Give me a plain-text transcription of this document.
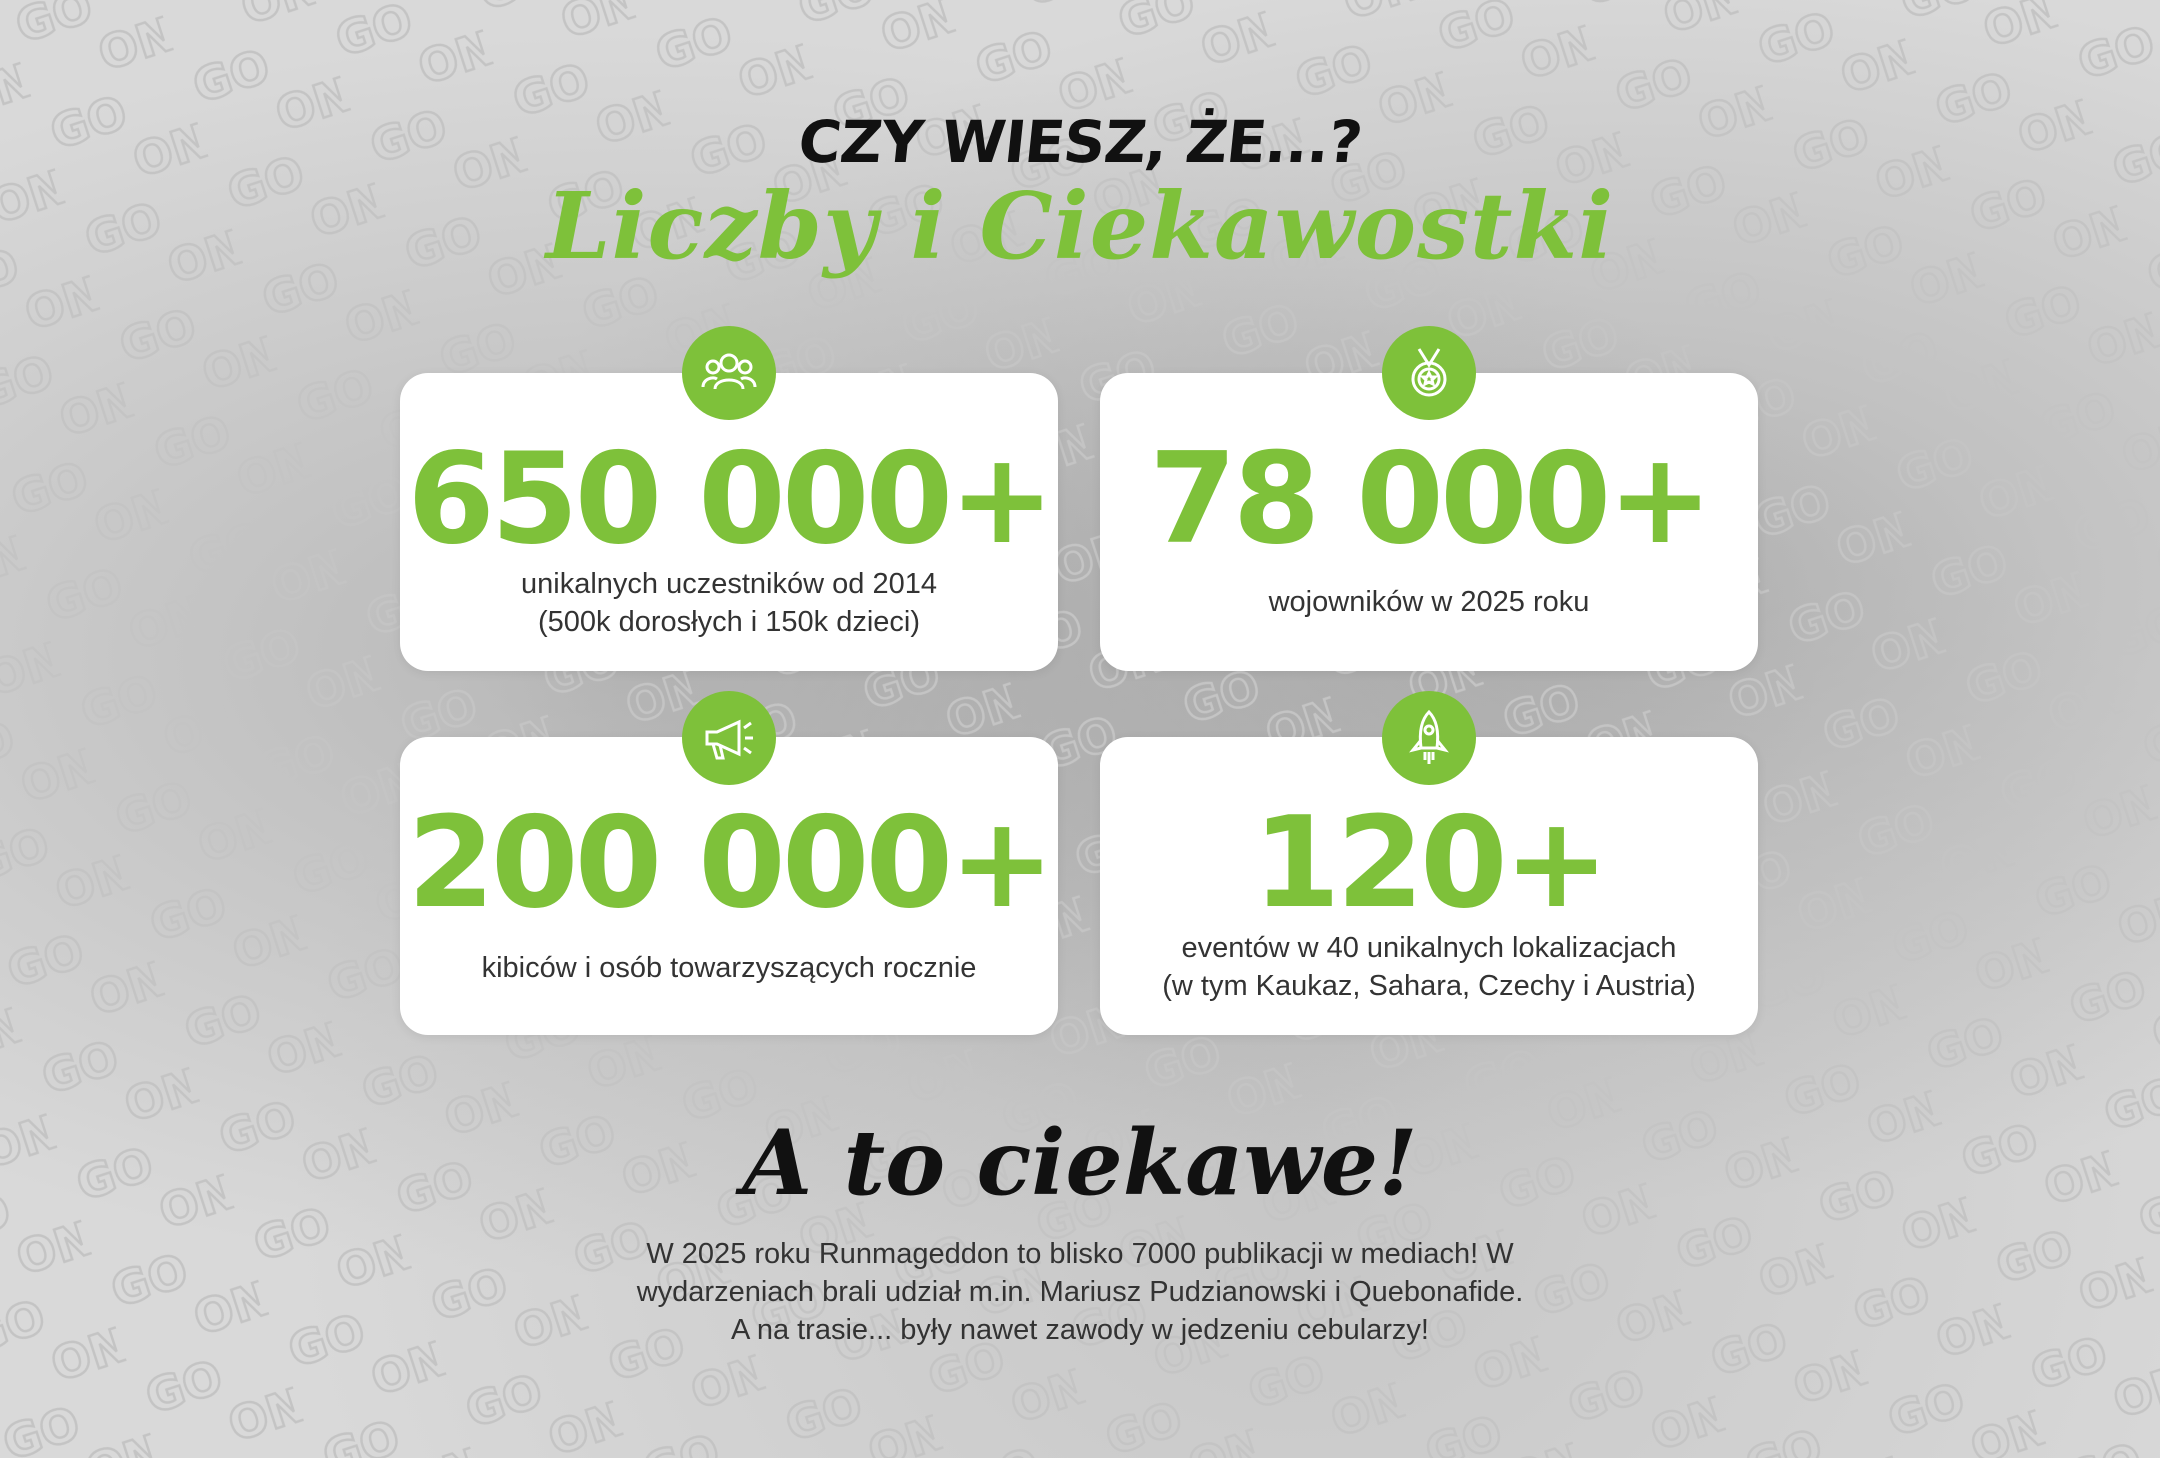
CZY WIESZ, ŻE...?
Liczby i Ciekawostki
650 000+
unikalnych uczestników od 2014
(500k dorosłych i 150k dzieci)
78 000+
wojowników w 2025 roku
200 000+
kibiców i osób towarzyszących rocznie
120+
eventów w 40 unikalnych lokalizacjach
(w tym Kaukaz, Sahara, Czechy i Austria)
A to ciekawe!
W 2025 roku Runmageddon to blisko 7000 publikacji w mediach! W
wydarzeniach brali udział m.in. Mariusz Pudzianowski i Quebonafide.
A na trasie... były nawet zawody w jedzeniu cebularzy!
